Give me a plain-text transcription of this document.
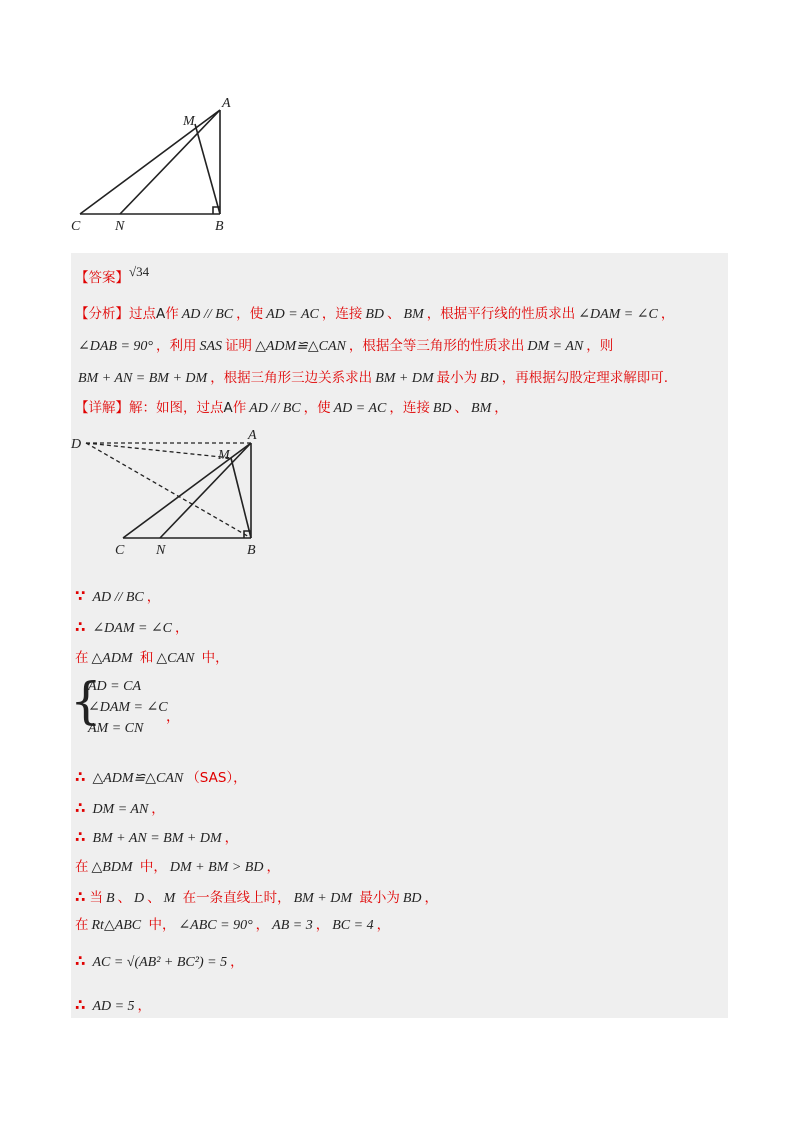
A
M
C N	B
【答案】√34
【分析】过点A作 AD // BC ，使 AD = AC ，连接 BD 、 BM ，根据平行线的性质求出 ∠DAM = ∠C ，
∠DAB = 90° ，利用 SAS 证明 △ADM≌△CAN ，根据全等三角形的性质求出 DM = AN ，则
BM + AN = BM + DM ，根据三角形三边关系求出 BM + DM 最小为 BD ，再根据勾股定理求解即可.
【详解】解：如图，过点A作 AD // BC ，使 AD = AC ，连接 BD 、 BM ，
D
A
M
C N	B
∵ AD // BC ，
∴ ∠DAM = ∠C ，
在 △ADM 和 △CAN 中，
{
AD = CA
∠DAM = ∠C
AM = CN
，
∴ △ADM≌△CAN （SAS），
∴ DM = AN ，
∴ BM + AN = BM + DM ，
在 △BDM 中， DM + BM > BD ，
∴ 当 B 、 D 、 M 在一条直线上时， BM + DM 最小为 BD ，
在 Rt△ABC 中， ∠ABC = 90° ， AB = 3 ， BC = 4 ，
∴ AC = √(AB² + BC²) = 5 ，
∴ AD = 5 ，
